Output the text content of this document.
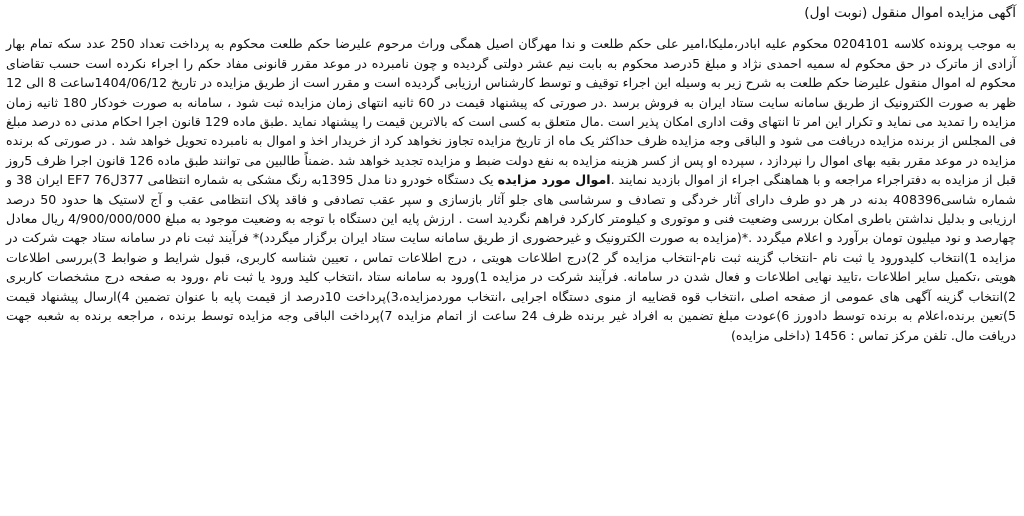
آگهی مزایده اموال منقول (نوبت اول)

به موجب پرونده کلاسه 0204101 محکوم علیه ابادر،ملیکا،امیر علی حکم طلعت و ندا مهرگان اصیل همگی وراث مرحوم علیرضا حکم طلعت محکوم به پرداخت تعداد 250 عدد سکه تمام بهار آزادی از ماترک در حق محکوم له سمیه احمدی نژاد و مبلغ 5درصد محکوم به بابت نیم عشر دولتی گردیده و چون نامبرده در موعد مقرر قانونی مفاد حکم را اجراء نکرده است حسب تقاضای محکوم له اموال منقول علیرضا حکم طلعت به شرح زیر به وسیله این اجراء توقیف و توسط کارشناس ارزیابی گردیده است و مقرر است از طریق مزایده در تاریخ 1404/06/12ساعت 8 الی 12 ظهر به صورت الکترونیک از طریق سامانه سایت ستاد ایران به فروش برسد .در صورتی که پیشنهاد قیمت در 60 ثانیه انتهای زمان مزایده ثبت شود ، سامانه به صورت خودکار 180 ثانیه زمان مزایده را تمدید می نماید و تکرار این امر تا انتهای وقت اداری امکان پذیر است .مال متعلق به کسی است که بالاترین قیمت را پیشنهاد نماید .طبق ماده 129 قانون اجرا احکام مدنی ده درصد مبلغ فی المجلس از برنده مزایده دریافت می شود و الباقی وجه مزایده ظرف حداکثر یک ماه از تاریخ مزایده تجاوز نخواهد کرد از خریدار اخذ و اموال به نامبرده تحویل خواهد شد . در صورتی که برنده مزایده در موعد مقرر بقیه بهای اموال را نپردازد ، سپرده او پس از کسر هزینه مزایده به نفع دولت ضبط و مزایده تجدید خواهد شد .ضمناً طالبین می توانند طبق ماده 126 قانون اجرا ظرف 5روز قبل از مزایده به دفتراجراء مراجعه و با هماهنگی اجراء از اموال بازدید نمایند .اموال مورد مزایده یک دستگاه خودرو دنا مدل 1395به رنگ مشکی به شماره انتظامی 377ل76 EF7 ایران 38 و شماره شاسی408396 بدنه در هر دو طرف دارای آثار خردگی و تصادف و سرشاسی های جلو آثار بازسازی و سپر عقب تصادفی و فاقد پلاک انتظامی عقب و آج لاستیک ها حدود 50 درصد ارزیابی و بدلیل نداشتن باطری امکان بررسی وضعیت فنی و موتوری و کیلومتر کارکرد فراهم نگردید است . ارزش پایه این دستگاه با توجه به وضعیت موجود به مبلغ 4/900/000/000 ریال معادل چهارصد و نود میلیون تومان برآورد و اعلام میگردد .*(مزایده به صورت الکترونیک و غیرحضوری از طریق سامانه سایت ستاد ایران برگزار میگردد)* فرآیند ثبت نام در سامانه ستاد جهت شرکت در مزایده 1)انتخاب کلیدورود یا ثبت نام -انتخاب گزینه ثبت نام-انتخاب مزایده گر 2)درج اطلاعات هویتی ، درج اطلاعات تماس ، تعیین شناسه کاربری، قبول شرایط و ضوابط 3)بررسی اطلاعات هویتی ،تکمیل سایر اطلاعات ،تایید نهایی اطلاعات و فعال شدن در سامانه. فرآیند شرکت در مزایده 1)ورود به سامانه ستاد ،انتخاب کلید ورود یا ثبت نام ،ورود به صفحه درج مشخصات کاربری 2)انتخاب گزینه آگهی های عمومی از صفحه اصلی ،انتخاب قوه قضاییه از منوی دستگاه اجرایی ،انتخاب موردمزایده،3)پرداخت 10درصد از قیمت پایه با عنوان تضمین 4)ارسال پیشنهاد قیمت 5)تعین برنده،اعلام به برنده توسط دادورز 6)عودت مبلغ تضمین به افراد غیر برنده ظرف 24 ساعت از اتمام مزایده 7)پرداخت الباقی وجه مزایده توسط برنده ، مراجعه برنده به شعبه جهت دریافت مال. تلفن مرکز تماس : 1456 (داخلی مزایده)
